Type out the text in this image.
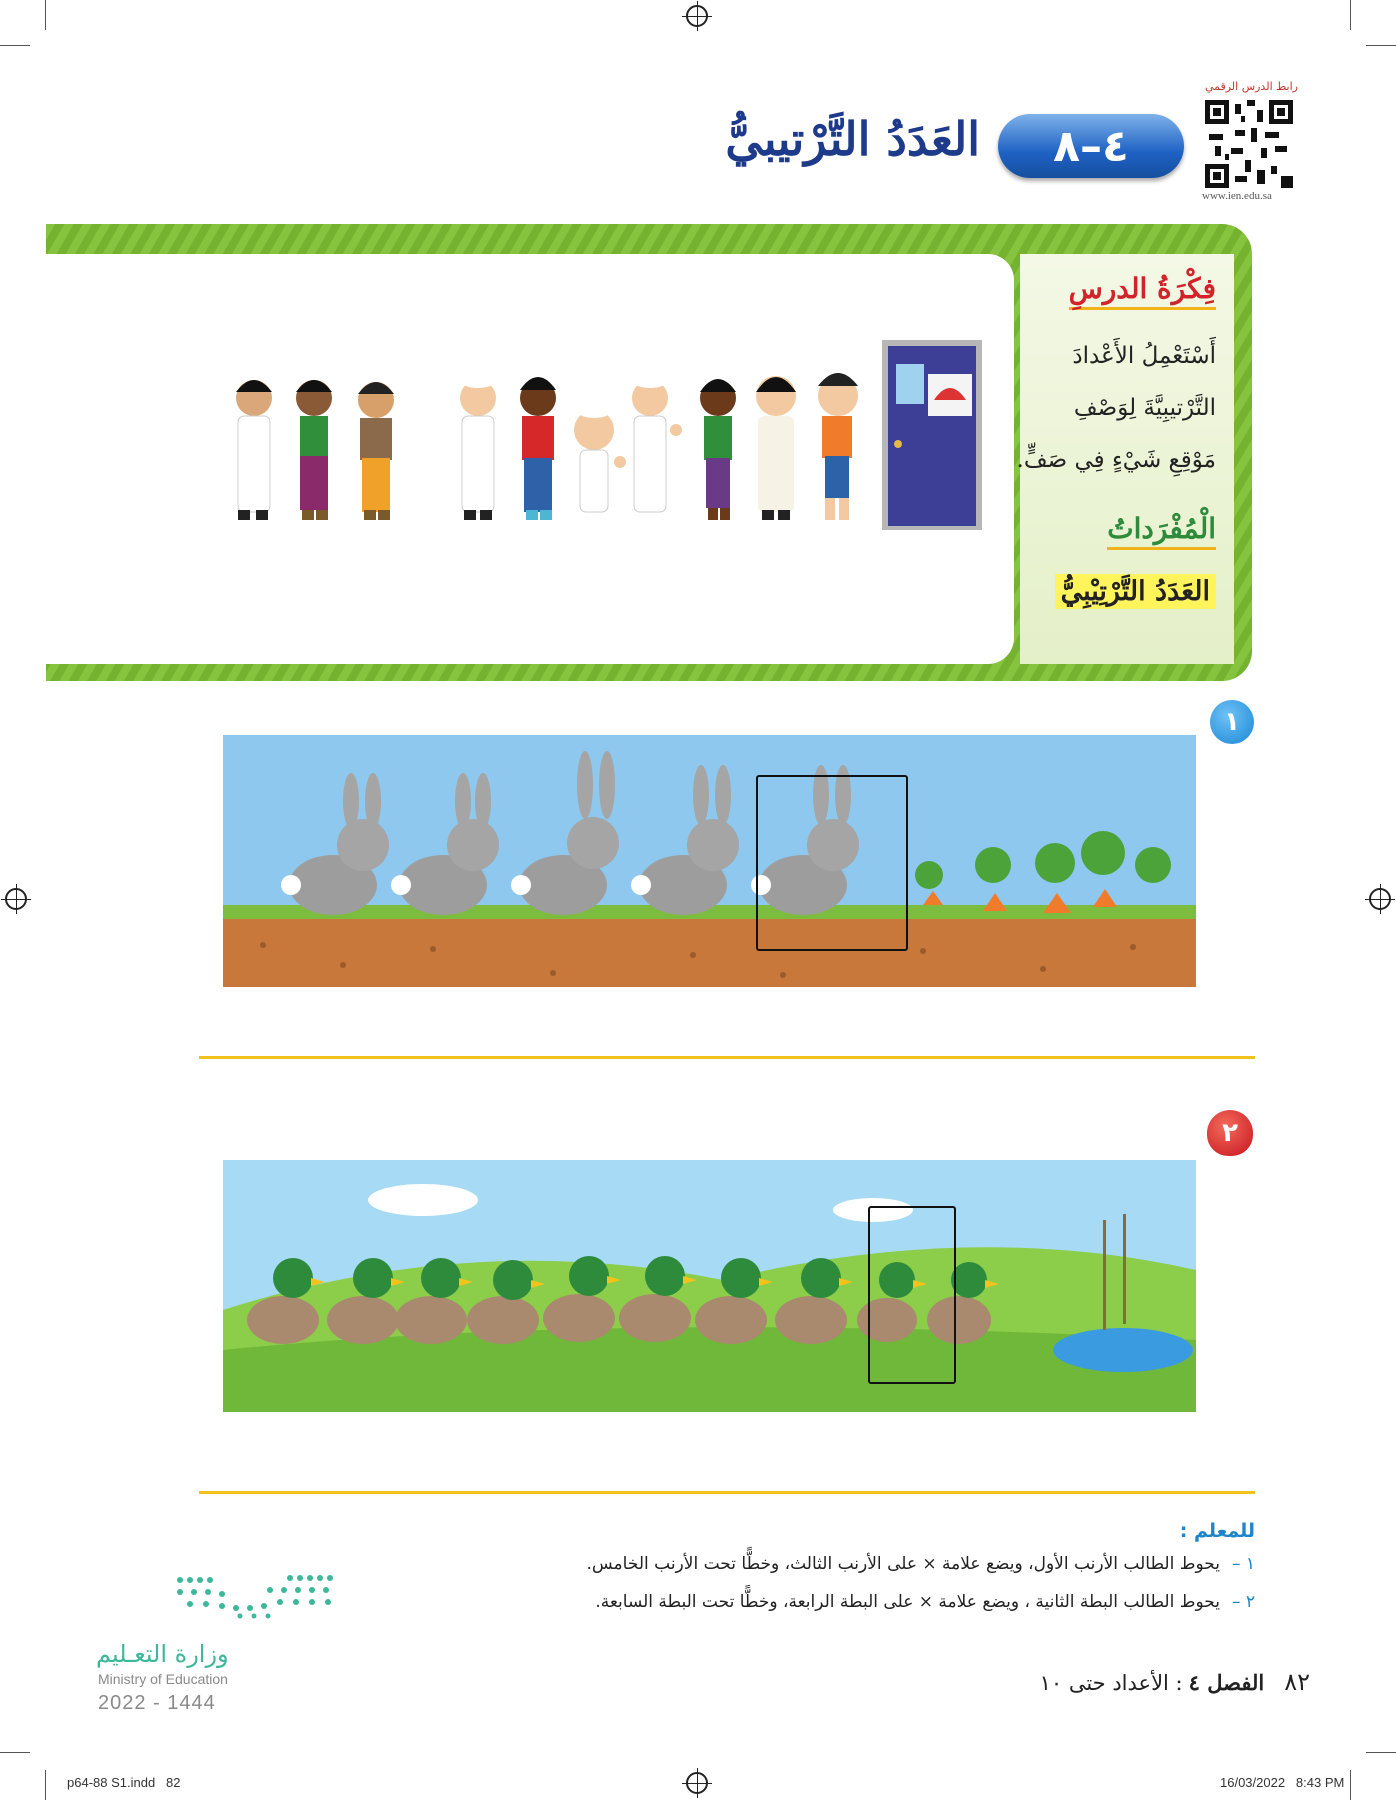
رابط الدرس الرقمي
www.ien.edu.sa
٤–٨
العَدَدُ التَّرْتيبيُّ
فِكْرَةُ الدرسِ
أَسْتَعْمِلُ الأَعْدادَ
التَّرْتيبِيَّةَ لِوَصْفِ
مَوْقِعِ شَيْءٍ فِي صَفٍّ.
الْمُفْرَداتُ
العَدَدُ التَّرْتِيْبِيُّ
١
٢
للمعلم :
١ –يحوط الطالب الأرنب الأول، ويضع علامة × على الأرنب الثالث، وخطًّا تحت الأرنب الخامس.
٢ –يحوط الطالب البطة الثانية ، ويضع علامة × على البطة الرابعة، وخطًّا تحت البطة السابعة.
وزارة التعـليم
Ministry of Education
2022 - 1444
٨٢الفصل ٤: الأعداد حتى ١٠
p64-88 S1.indd   82	16/03/2022   8:43 PM
